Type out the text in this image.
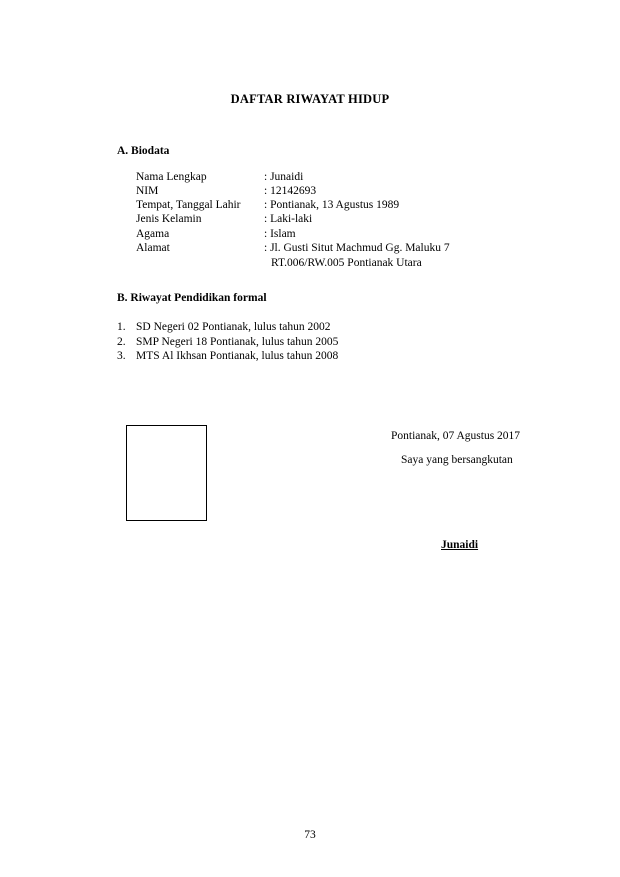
DAFTAR RIWAYAT HIDUP
A. Biodata
Nama Lengkap	: Junaidi
NIM	: 12142693
Tempat, Tanggal Lahir : Pontianak, 13 Agustus 1989
Jenis Kelamin	: Laki-laki
Agama	: Islam
Alamat	: Jl. Gusti Situt Machmud Gg. Maluku 7
RT.006/RW.005 Pontianak Utara
B. Riwayat Pendidikan formal
1. SD Negeri 02 Pontianak, lulus tahun 2002
2. SMP Negeri 18 Pontianak, lulus tahun 2005
3. MTS Al Ikhsan Pontianak, lulus tahun 2008
Pontianak, 07 Agustus 2017
Saya yang bersangkutan
Junaidi
73
